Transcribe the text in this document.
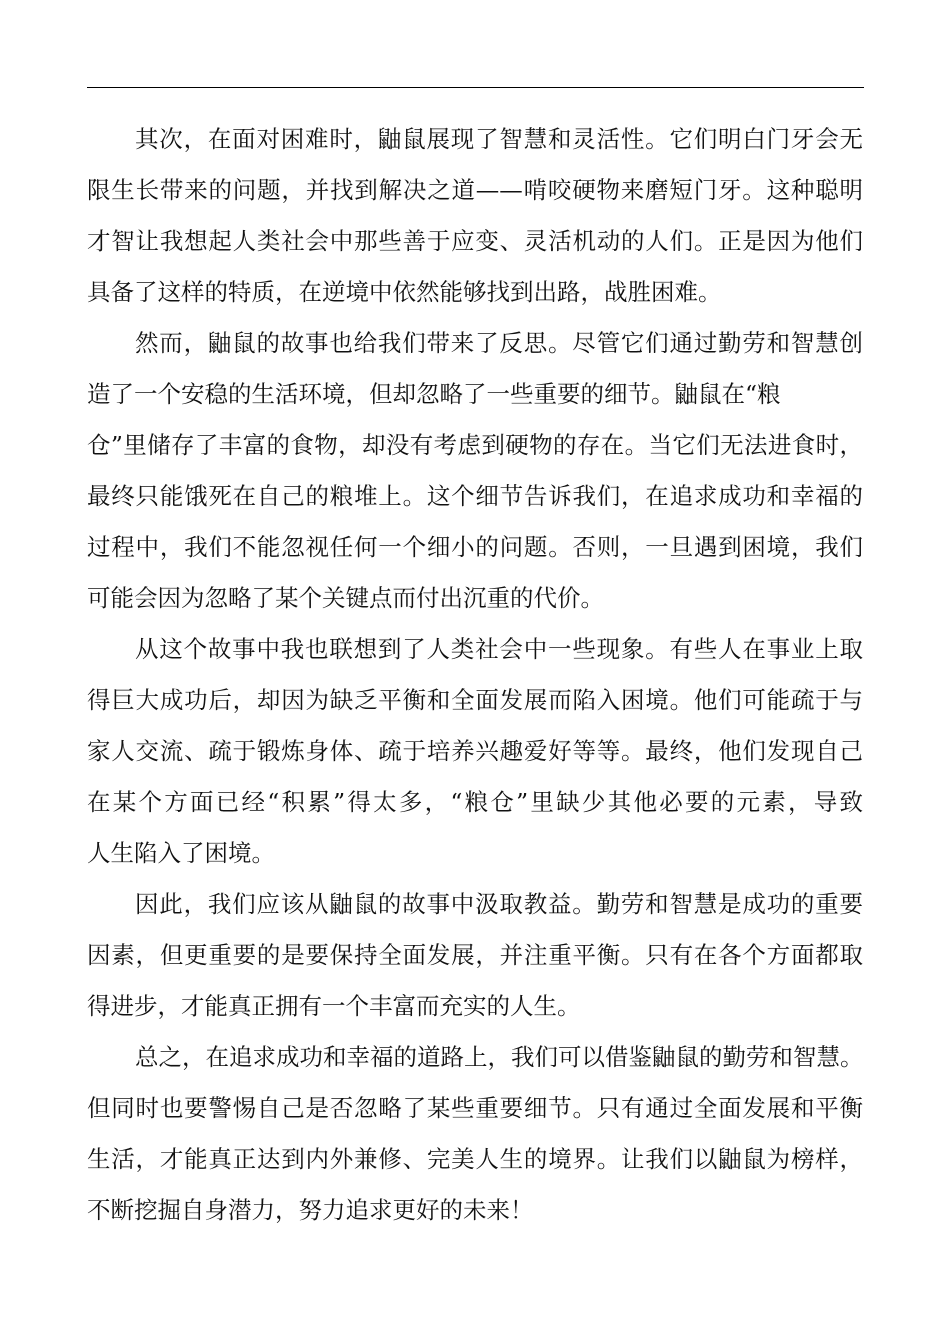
其次，在面对困难时，鼬鼠展现了智慧和灵活性。它们明白门牙会无
限生长带来的问题，并找到解决之道——啃咬硬物来磨短门牙。这种聪明
才智让我想起人类社会中那些善于应变、灵活机动的人们。正是因为他们
具备了这样的特质，在逆境中依然能够找到出路，战胜困难。
然而，鼬鼠的故事也给我们带来了反思。尽管它们通过勤劳和智慧创
造了一个安稳的生活环境，但却忽略了一些重要的细节。鼬鼠在“粮
仓”里储存了丰富的食物，却没有考虑到硬物的存在。当它们无法进食时，
最终只能饿死在自己的粮堆上。这个细节告诉我们，在追求成功和幸福的
过程中，我们不能忽视任何一个细小的问题。否则，一旦遇到困境，我们
可能会因为忽略了某个关键点而付出沉重的代价。
从这个故事中我也联想到了人类社会中一些现象。有些人在事业上取
得巨大成功后，却因为缺乏平衡和全面发展而陷入困境。他们可能疏于与
家人交流、疏于锻炼身体、疏于培养兴趣爱好等等。最终，他们发现自己
在某个方面已经“积累”得太多，“粮仓”里缺少其他必要的元素，导致
人生陷入了困境。
因此，我们应该从鼬鼠的故事中汲取教益。勤劳和智慧是成功的重要
因素，但更重要的是要保持全面发展，并注重平衡。只有在各个方面都取
得进步，才能真正拥有一个丰富而充实的人生。
总之，在追求成功和幸福的道路上，我们可以借鉴鼬鼠的勤劳和智慧。
但同时也要警惕自己是否忽略了某些重要细节。只有通过全面发展和平衡
生活，才能真正达到内外兼修、完美人生的境界。让我们以鼬鼠为榜样，
不断挖掘自身潜力，努力追求更好的未来！
